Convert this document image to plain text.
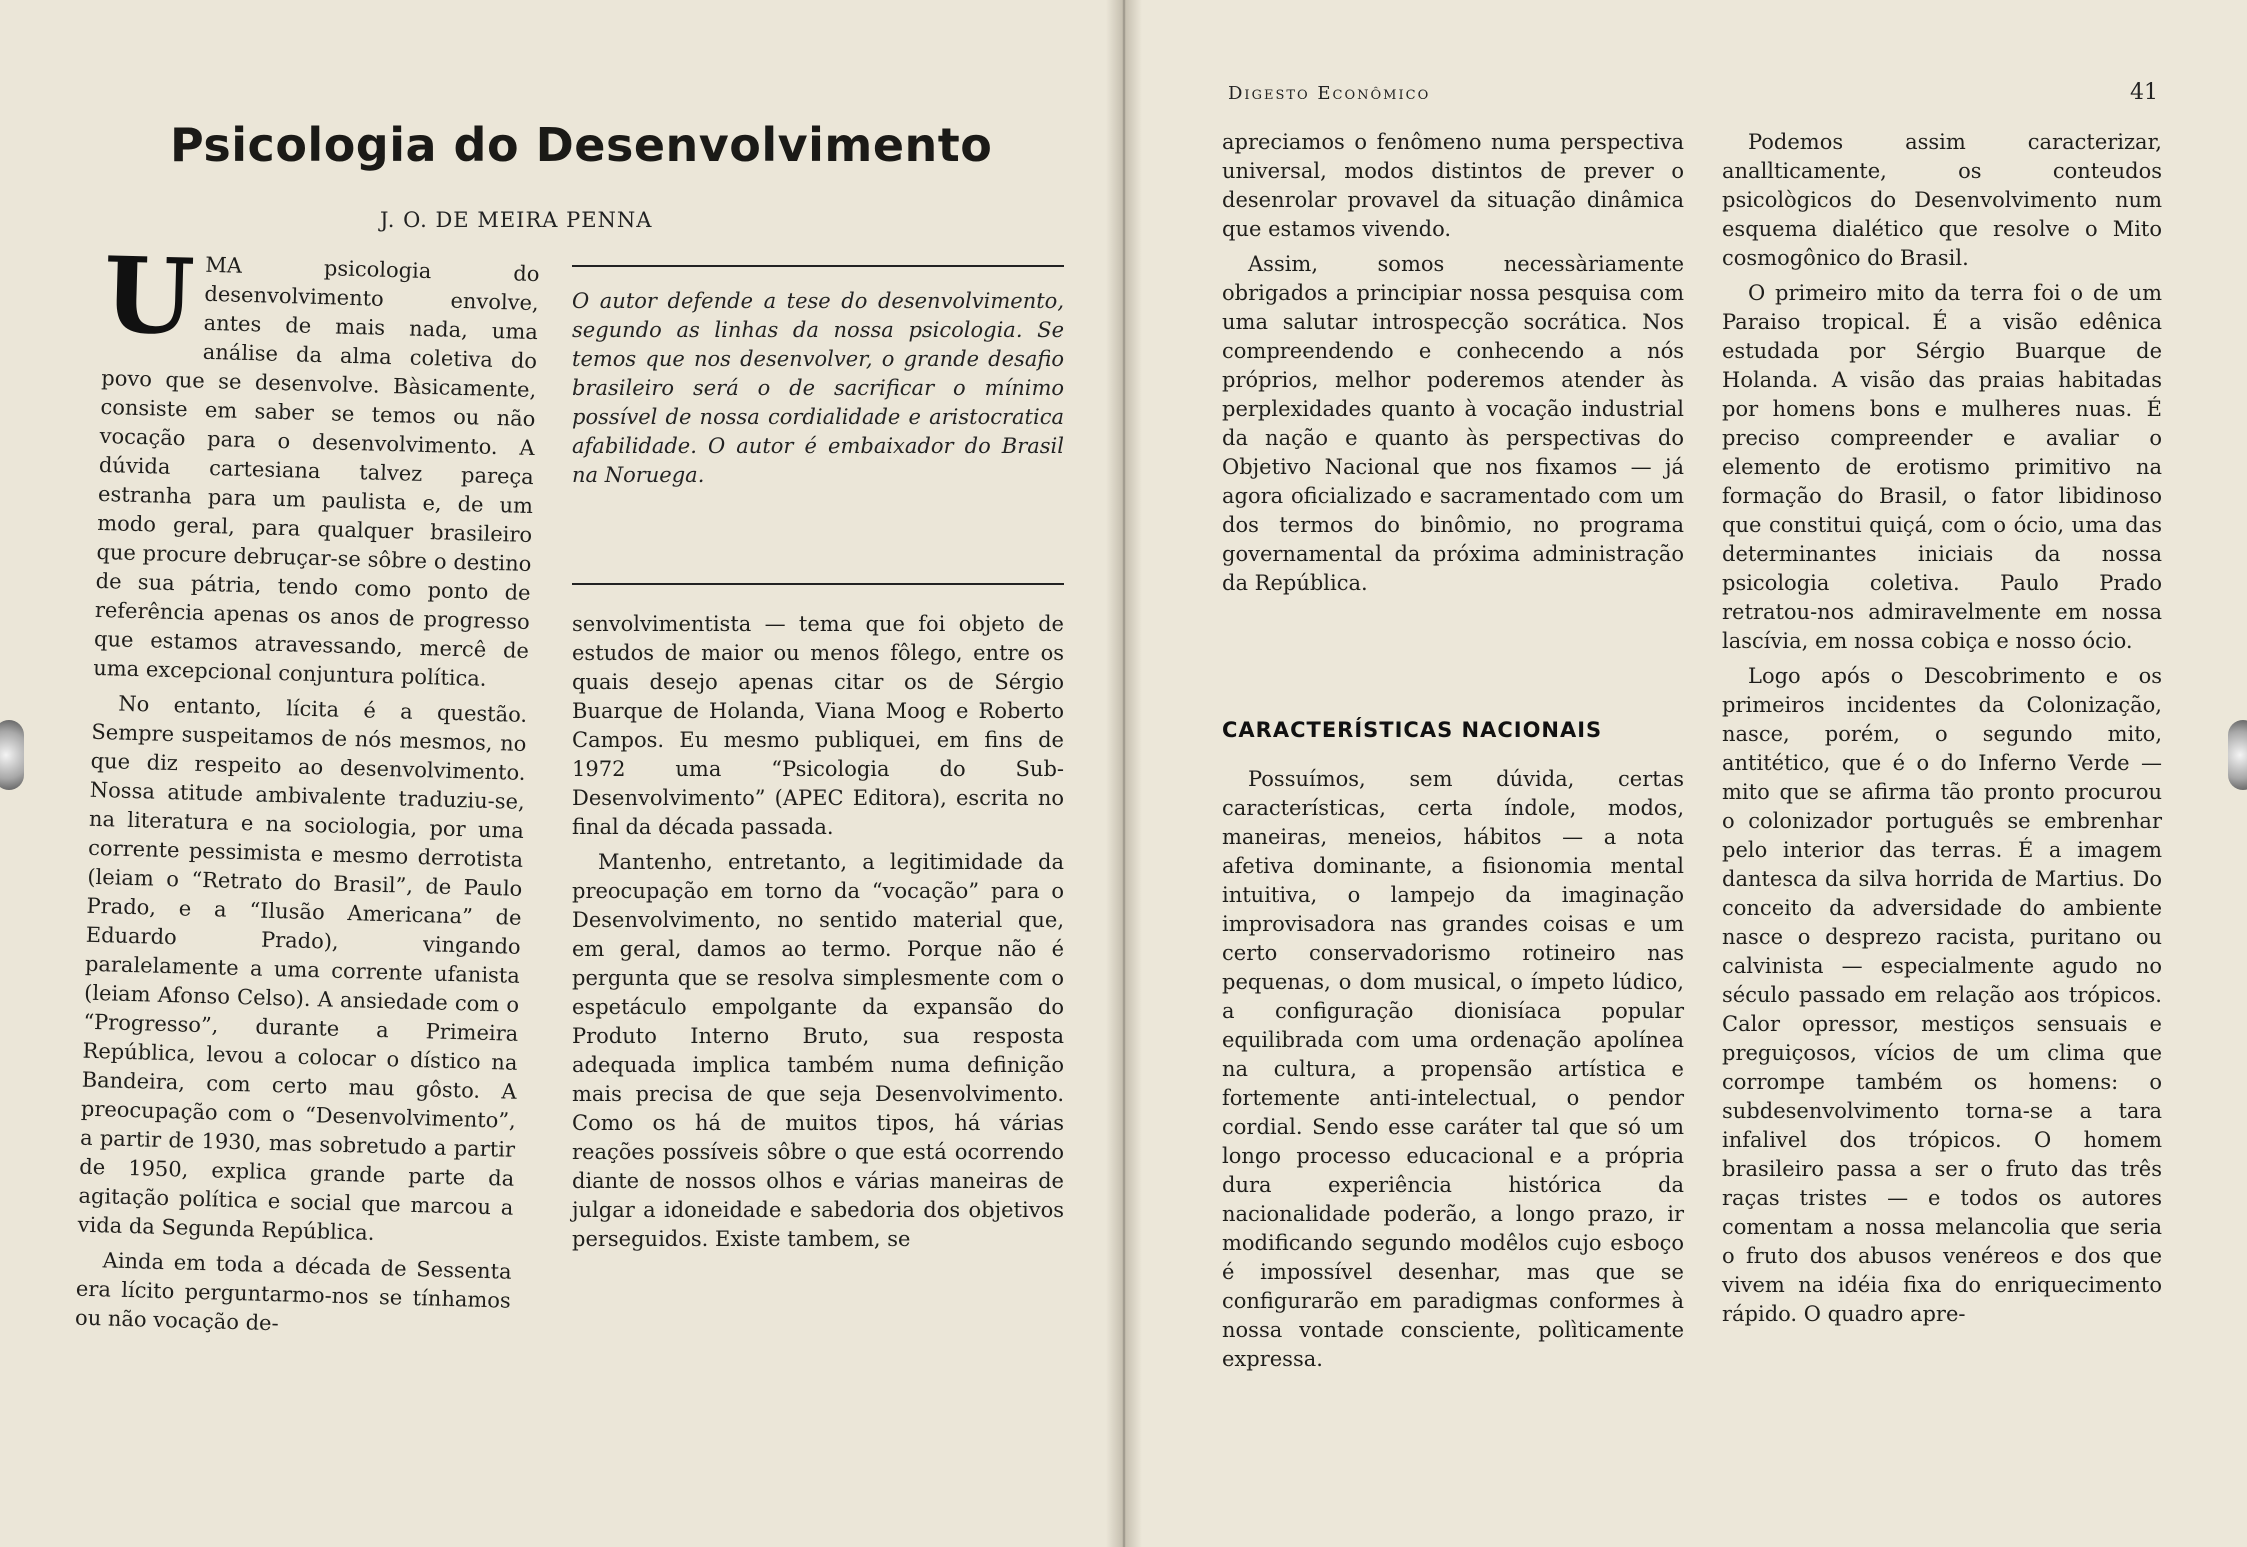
Psicologia do Desenvolvimento
J. O. DE MEIRA PENNA
U MA psicologia do desenvolvimento envolve, antes de mais nada, uma análise da alma coletiva do povo que se desenvolve. Bàsicamente, consiste em saber se temos ou não vocação para o desenvolvimento. A dúvida cartesiana talvez pareça estranha para um paulista e, de um modo geral, para qualquer brasileiro que procure debruçar-se sôbre o destino de sua pátria, tendo como ponto de referência apenas os anos de progresso que estamos atravessando, mercê de uma excepcional conjuntura política.

No entanto, lícita é a questão. Sempre suspeitamos de nós mesmos, no que diz respeito ao desenvolvimento. Nossa atitude ambivalente traduziu-se, na literatura e na sociologia, por uma corrente pessimista e mesmo derrotista (leiam o “Retrato do Brasil”, de Paulo Prado, e a “Ilusão Americana” de Eduardo Prado), vingando paralelamente a uma corrente ufanista (leiam Afonso Celso). A ansiedade com o “Progresso”, durante a Primeira República, levou a colocar o dístico na Bandeira, com certo mau gôsto. A preocupação com o “Desenvolvimento”, a partir de 1930, mas sobretudo a partir de 1950, explica grande parte da agitação política e social que marcou a vida da Segunda República.

Ainda em toda a década de Sessenta era lícito perguntarmo-nos se tínhamos ou não vocação de-

O autor defende a tese do desenvolvimento, segundo as linhas da nossa psicologia. Se temos que nos desenvolver, o grande desafio brasileiro será o de sacrificar o mínimo possível de nossa cordialidade e aristocratica afabilidade. O autor é embaixador do Brasil na Noruega.

senvolvimentista — tema que foi objeto de estudos de maior ou menos fôlego, entre os quais desejo apenas citar os de Sérgio Buarque de Holanda, Viana Moog e Roberto Campos. Eu mesmo publiquei, em fins de 1972 uma “Psicologia do Sub-Desenvolvimento” (APEC Editora), escrita no final da década passada.

Mantenho, entretanto, a legitimidade da preocupação em torno da “vocação” para o Desenvolvimento, no sentido material que, em geral, damos ao termo. Porque não é pergunta que se resolva simplesmente com o espetáculo empolgante da expansão do Produto Interno Bruto, sua resposta adequada implica também numa definição mais precisa de que seja Desenvolvimento. Como os há de muitos tipos, há várias reações possíveis sôbre o que está ocorrendo diante de nossos olhos e várias maneiras de julgar a idoneidade e sabedoria dos objetivos perseguidos. Existe tambem, se

Digesto Econômico	41

apreciamos o fenômeno numa perspectiva universal, modos distintos de prever o desenrolar provavel da situação dinâmica que estamos vivendo.

Assim, somos necessàriamente obrigados a principiar nossa pesquisa com uma salutar introspecção socrática. Nos compreendendo e conhecendo a nós próprios, melhor poderemos atender às perplexidades quanto à vocação industrial da nação e quanto às perspectivas do Objetivo Nacional que nos fixamos — já agora oficializado e sacramentado com um dos termos do binômio, no programa governamental da próxima administração da República.

CARACTERÍSTICAS NACIONAIS

Possuímos, sem dúvida, certas características, certa índole, modos, maneiras, meneios, hábitos — a nota afetiva dominante, a fisionomia mental intuitiva, o lampejo da imaginação improvisadora nas grandes coisas e um certo conservadorismo rotineiro nas pequenas, o dom musical, o ímpeto lúdico, a configuração dionisíaca popular equilibrada com uma ordenação apolínea na cultura, a propensão artística e fortemente anti-intelectual, o pendor cordial. Sendo esse caráter tal que só um longo processo educacional e a própria dura experiência histórica da nacionalidade poderão, a longo prazo, ir modificando segundo modêlos cujo esboço é impossível desenhar, mas que se configurarão em paradigmas conformes à nossa vontade consciente, polìticamente expressa.

Podemos assim caracterizar, anallticamente, os conteudos psicològicos do Desenvolvimento num esquema dialético que resolve o Mito cosmogônico do Brasil.

O primeiro mito da terra foi o de um Paraiso tropical. É a visão edênica estudada por Sérgio Buarque de Holanda. A visão das praias habitadas por homens bons e mulheres nuas. É preciso compreender e avaliar o elemento de erotismo primitivo na formação do Brasil, o fator libidinoso que constitui quiçá, com o ócio, uma das determinantes iniciais da nossa psicologia coletiva. Paulo Prado retratou-nos admiravelmente em nossa lascívia, em nossa cobiça e nosso ócio.

Logo após o Descobrimento e os primeiros incidentes da Colonização, nasce, porém, o segundo mito, antitético, que é o do Inferno Verde — mito que se afirma tão pronto procurou o colonizador português se embrenhar pelo interior das terras. É a imagem dantesca da silva horrida de Martius. Do conceito da adversidade do ambiente nasce o desprezo racista, puritano ou calvinista — especialmente agudo no século passado em relação aos trópicos. Calor opressor, mestiços sensuais e preguiçosos, vícios de um clima que corrompe também os homens: o subdesenvolvimento torna-se a tara infalivel dos trópicos. O homem brasileiro passa a ser o fruto das três raças tristes — e todos os autores comentam a nossa melancolia que seria o fruto dos abusos venéreos e dos que vivem na idéia fixa do enriquecimento rápido. O quadro apre-
